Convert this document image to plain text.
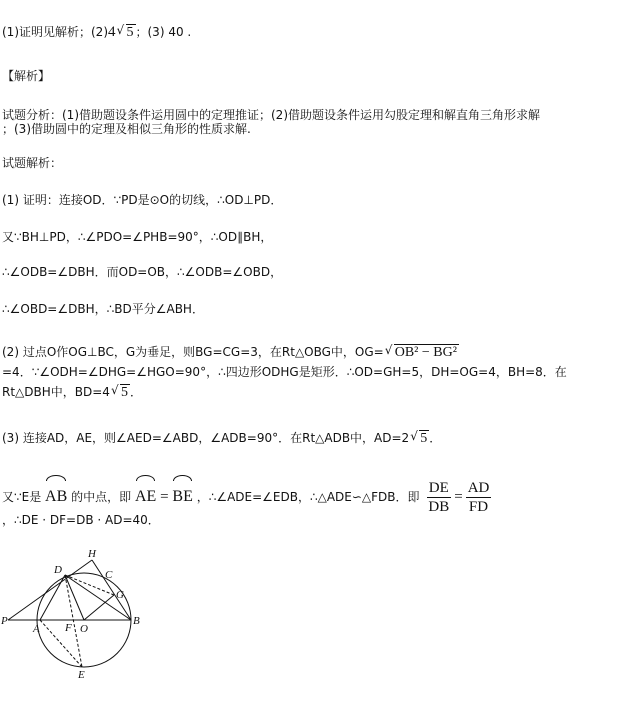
(1)证明见解析；(2)4 √ 5 ；(3) 40 .
【解析】
试题分析：(1)借助题设条件运用圆中的定理推证；(2)借助题设条件运用勾股定理和解直角三角形求解
；(3)借助圆中的定理及相似三角形的性质求解.
试题解析：
(1) 证明：连接OD．∵PD是⊙O的切线，∴OD⊥PD．
又∵BH⊥PD，∴∠PDO=∠PHB=90°，∴OD∥BH，
∴∠ODB=∠DBH．而OD=OB，∴∠ODB=∠OBD，
∴∠OBD=∠DBH，∴BD平分∠ABH．
(2) 过点O作OG⊥BC，G为垂足，则BG=CG=3，在Rt△OBG中，OG= √ OB² − BG²
=4．∵∠ODH=∠DHG=∠HGO=90°，∴四边形ODHG是矩形．∴OD=GH=5，DH=OG=4，BH=8．在
Rt△DBH中，BD=4 √ 5 ．
(3) 连接AD，AE，则∠AED=∠ABD，∠ADB=90°．在Rt△ADB中，AD=2 √ 5 ．
又∵E是 AB 的中点，即 AE = BE ，∴∠ADE=∠EDB，∴△ADE∽△FDB．即 $\frac{DE}{DB} = \frac{AD}{FD}$
，∴DE · DF=DB · AD=40．
H
D	C
G
P
A F O
B
E
